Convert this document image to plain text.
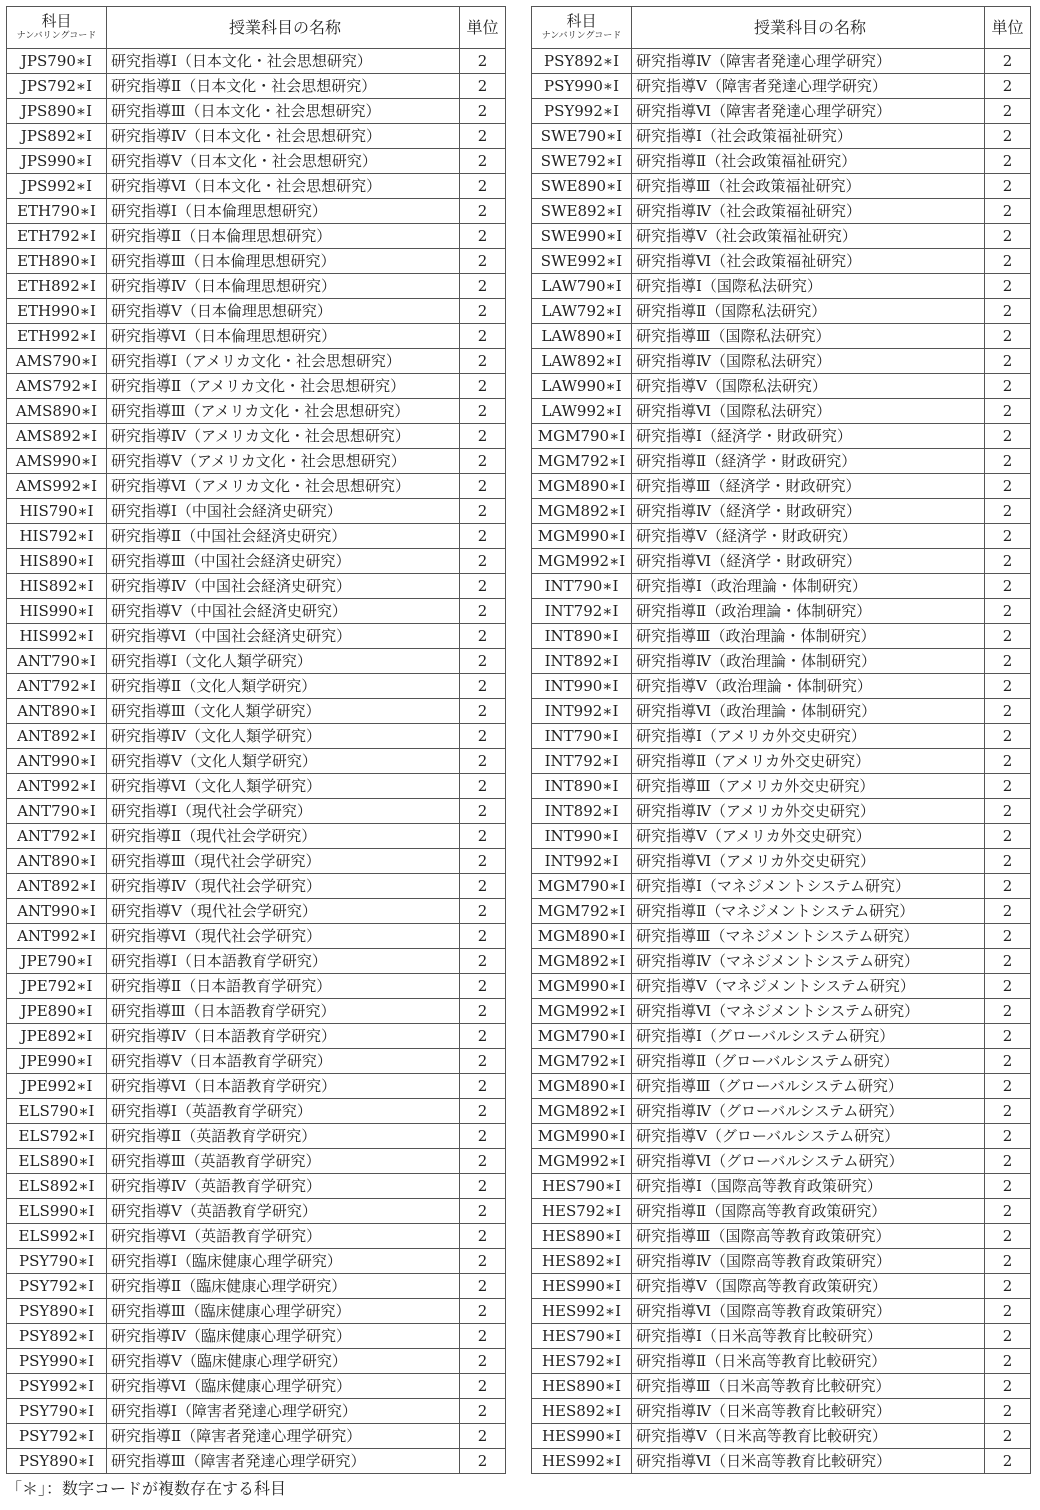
科目
ナンバリングコード	授業科目の名称	単位
JPS790∗I	研究指導Ⅰ（日本文化・社会思想研究）	2
JPS792∗I	研究指導Ⅱ（日本文化・社会思想研究）	2
JPS890∗I	研究指導Ⅲ（日本文化・社会思想研究）	2
JPS892∗I	研究指導Ⅳ（日本文化・社会思想研究）	2
JPS990∗I	研究指導Ⅴ（日本文化・社会思想研究）	2
JPS992∗I	研究指導Ⅵ（日本文化・社会思想研究）	2
ETH790∗I	研究指導Ⅰ（日本倫理思想研究）	2
ETH792∗I	研究指導Ⅱ（日本倫理思想研究）	2
ETH890∗I	研究指導Ⅲ（日本倫理思想研究）	2
ETH892∗I	研究指導Ⅳ（日本倫理思想研究）	2
ETH990∗I	研究指導Ⅴ（日本倫理思想研究）	2
ETH992∗I	研究指導Ⅵ（日本倫理思想研究）	2
AMS790∗I	研究指導Ⅰ（アメリカ文化・社会思想研究）	2
AMS792∗I	研究指導Ⅱ（アメリカ文化・社会思想研究）	2
AMS890∗I	研究指導Ⅲ（アメリカ文化・社会思想研究）	2
AMS892∗I	研究指導Ⅳ（アメリカ文化・社会思想研究）	2
AMS990∗I	研究指導Ⅴ（アメリカ文化・社会思想研究）	2
AMS992∗I	研究指導Ⅵ（アメリカ文化・社会思想研究）	2
HIS790∗I	研究指導Ⅰ（中国社会経済史研究）	2
HIS792∗I	研究指導Ⅱ（中国社会経済史研究）	2
HIS890∗I	研究指導Ⅲ（中国社会経済史研究）	2
HIS892∗I	研究指導Ⅳ（中国社会経済史研究）	2
HIS990∗I	研究指導Ⅴ（中国社会経済史研究）	2
HIS992∗I	研究指導Ⅵ（中国社会経済史研究）	2
ANT790∗I	研究指導Ⅰ（文化人類学研究）	2
ANT792∗I	研究指導Ⅱ（文化人類学研究）	2
ANT890∗I	研究指導Ⅲ（文化人類学研究）	2
ANT892∗I	研究指導Ⅳ（文化人類学研究）	2
ANT990∗I	研究指導Ⅴ（文化人類学研究）	2
ANT992∗I	研究指導Ⅵ（文化人類学研究）	2
ANT790∗I	研究指導Ⅰ（現代社会学研究）	2
ANT792∗I	研究指導Ⅱ（現代社会学研究）	2
ANT890∗I	研究指導Ⅲ（現代社会学研究）	2
ANT892∗I	研究指導Ⅳ（現代社会学研究）	2
ANT990∗I	研究指導Ⅴ（現代社会学研究）	2
ANT992∗I	研究指導Ⅵ（現代社会学研究）	2
JPE790∗I	研究指導Ⅰ（日本語教育学研究）	2
JPE792∗I	研究指導Ⅱ（日本語教育学研究）	2
JPE890∗I	研究指導Ⅲ（日本語教育学研究）	2
JPE892∗I	研究指導Ⅳ（日本語教育学研究）	2
JPE990∗I	研究指導Ⅴ（日本語教育学研究）	2
JPE992∗I	研究指導Ⅵ（日本語教育学研究）	2
ELS790∗I	研究指導Ⅰ（英語教育学研究）	2
ELS792∗I	研究指導Ⅱ（英語教育学研究）	2
ELS890∗I	研究指導Ⅲ（英語教育学研究）	2
ELS892∗I	研究指導Ⅳ（英語教育学研究）	2
ELS990∗I	研究指導Ⅴ（英語教育学研究）	2
ELS992∗I	研究指導Ⅵ（英語教育学研究）	2
PSY790∗I	研究指導Ⅰ（臨床健康心理学研究）	2
PSY792∗I	研究指導Ⅱ（臨床健康心理学研究）	2
PSY890∗I	研究指導Ⅲ（臨床健康心理学研究）	2
PSY892∗I	研究指導Ⅳ（臨床健康心理学研究）	2
PSY990∗I	研究指導Ⅴ（臨床健康心理学研究）	2
PSY992∗I	研究指導Ⅵ（臨床健康心理学研究）	2
PSY790∗I	研究指導Ⅰ（障害者発達心理学研究）	2
PSY792∗I	研究指導Ⅱ（障害者発達心理学研究）	2
PSY890∗I	研究指導Ⅲ（障害者発達心理学研究）	2
科目
ナンバリングコード	授業科目の名称	単位
PSY892∗I	研究指導Ⅳ（障害者発達心理学研究）	2
PSY990∗I	研究指導Ⅴ（障害者発達心理学研究）	2
PSY992∗I	研究指導Ⅵ（障害者発達心理学研究）	2
SWE790∗I	研究指導Ⅰ（社会政策福祉研究）	2
SWE792∗I	研究指導Ⅱ（社会政策福祉研究）	2
SWE890∗I	研究指導Ⅲ（社会政策福祉研究）	2
SWE892∗I	研究指導Ⅳ（社会政策福祉研究）	2
SWE990∗I	研究指導Ⅴ（社会政策福祉研究）	2
SWE992∗I	研究指導Ⅵ（社会政策福祉研究）	2
LAW790∗I	研究指導Ⅰ（国際私法研究）	2
LAW792∗I	研究指導Ⅱ（国際私法研究）	2
LAW890∗I	研究指導Ⅲ（国際私法研究）	2
LAW892∗I	研究指導Ⅳ（国際私法研究）	2
LAW990∗I	研究指導Ⅴ（国際私法研究）	2
LAW992∗I	研究指導Ⅵ（国際私法研究）	2
MGM790∗I	研究指導Ⅰ（経済学・財政研究）	2
MGM792∗I	研究指導Ⅱ（経済学・財政研究）	2
MGM890∗I	研究指導Ⅲ（経済学・財政研究）	2
MGM892∗I	研究指導Ⅳ（経済学・財政研究）	2
MGM990∗I	研究指導Ⅴ（経済学・財政研究）	2
MGM992∗I	研究指導Ⅵ（経済学・財政研究）	2
INT790∗I	研究指導Ⅰ（政治理論・体制研究）	2
INT792∗I	研究指導Ⅱ（政治理論・体制研究）	2
INT890∗I	研究指導Ⅲ（政治理論・体制研究）	2
INT892∗I	研究指導Ⅳ（政治理論・体制研究）	2
INT990∗I	研究指導Ⅴ（政治理論・体制研究）	2
INT992∗I	研究指導Ⅵ（政治理論・体制研究）	2
INT790∗I	研究指導Ⅰ（アメリカ外交史研究）	2
INT792∗I	研究指導Ⅱ（アメリカ外交史研究）	2
INT890∗I	研究指導Ⅲ（アメリカ外交史研究）	2
INT892∗I	研究指導Ⅳ（アメリカ外交史研究）	2
INT990∗I	研究指導Ⅴ（アメリカ外交史研究）	2
INT992∗I	研究指導Ⅵ（アメリカ外交史研究）	2
MGM790∗I	研究指導Ⅰ（マネジメントシステム研究）	2
MGM792∗I	研究指導Ⅱ（マネジメントシステム研究）	2
MGM890∗I	研究指導Ⅲ（マネジメントシステム研究）	2
MGM892∗I	研究指導Ⅳ（マネジメントシステム研究）	2
MGM990∗I	研究指導Ⅴ（マネジメントシステム研究）	2
MGM992∗I	研究指導Ⅵ（マネジメントシステム研究）	2
MGM790∗I	研究指導Ⅰ（グローバルシステム研究）	2
MGM792∗I	研究指導Ⅱ（グローバルシステム研究）	2
MGM890∗I	研究指導Ⅲ（グローバルシステム研究）	2
MGM892∗I	研究指導Ⅳ（グローバルシステム研究）	2
MGM990∗I	研究指導Ⅴ（グローバルシステム研究）	2
MGM992∗I	研究指導Ⅵ（グローバルシステム研究）	2
HES790∗I	研究指導Ⅰ（国際高等教育政策研究）	2
HES792∗I	研究指導Ⅱ（国際高等教育政策研究）	2
HES890∗I	研究指導Ⅲ（国際高等教育政策研究）	2
HES892∗I	研究指導Ⅳ（国際高等教育政策研究）	2
HES990∗I	研究指導Ⅴ（国際高等教育政策研究）	2
HES992∗I	研究指導Ⅵ（国際高等教育政策研究）	2
HES790∗I	研究指導Ⅰ（日米高等教育比較研究）	2
HES792∗I	研究指導Ⅱ（日米高等教育比較研究）	2
HES890∗I	研究指導Ⅲ（日米高等教育比較研究）	2
HES892∗I	研究指導Ⅳ（日米高等教育比較研究）	2
HES990∗I	研究指導Ⅴ（日米高等教育比較研究）	2
HES992∗I	研究指導Ⅵ（日米高等教育比較研究）	2
「＊」：数字コードが複数存在する科目
